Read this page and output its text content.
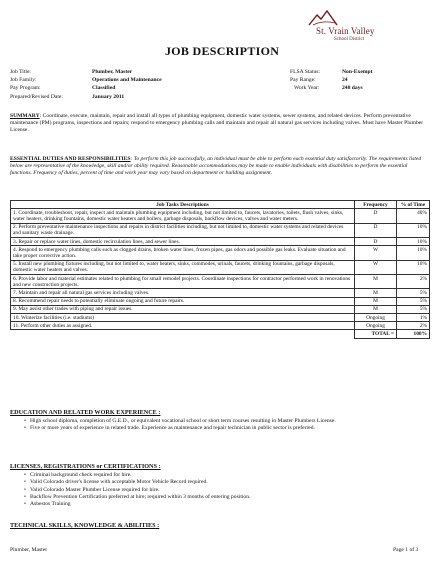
St. Vrain Valley
School District
JOB DESCRIPTION
Job Title:	Plumber, Master
Job Family:	Operations and Maintenance
Pay Program:	Classified
Prepared/Revised Date:	January 2011
FLSA Status:	Non-Exempt
Pay Range:	24
Work Year:	248 days
SUMMARY: Coordinate, execute, maintain, repair and install all types of plumbing equipment, domestic water systems, sewer systems, and related devices. Perform preventative maintenance (PM) programs, inspections and repairs; respond to emergency plumbing calls and maintain and repair all natural gas services including valves. Must have Master Plumber License.
ESSENTIAL DUTIES AND RESPONSIBILITIES: To perform this job successfully, an individual must be able to perform each essential duty satisfactorily. The requirements listed below are representative of the knowledge, skill and/or ability required. Reasonable accommodations may be made to enable individuals with disabilities to perform the essential functions. Frequency of duties, percent of time and work year may vary based on department or building assignment.
Job Tasks Descriptions	Frequency	% of Time
1. Coordinate, troubleshoot, repair, inspect and maintain plumbing equipment including, but not limited to, faucets, lavatories, toilets, flush valves, sinks, water heaters, drinking fountains, domestic water heaters and boilers, garbage disposals, backflow devices, valves and water meters.	D	40%
2. Perform preventative maintenance inspections and repairs in district facilities including, but not limited to, domestic water systems and related devices and sanitary waste drainage.	D	10%
3. Repair or replace water lines, domestic recirculation lines, and sewer lines.	D	10%
4. Respond to emergency plumbing calls such as clogged drains, broken water lines, frozen pipes, gas odors and possible gas leaks. Evaluate situation and take proper corrective action.	W	10%
5. Install new plumbing fixtures including, but not limited to, water heaters, sinks, commodes, urinals, faucets, drinking fountains, garbage disposals, domestic water heaters and valves.	W	10%
6. Provide labor and material estimates related to plumbing for small remodel projects. Coordinate inspections for contractor performed work in renovations and new construction projects.	M	2%
7. Maintain and repair all natural gas services including valves.	M	5%
8. Recommend repair needs to potentially eliminate ongoing and future repairs.	M	5%
9. May assist other trades with piping and repair issues.	M	5%
10. Winterize facilities (i.e. stadiums)	Ongoing	1%
11. Perform other duties as assigned.	Ongoing	2%
	TOTAL =	100%
EDUCATION AND RELATED WORK EXPERIENCE :
• High school diploma, completion of G.E.D., or equivalent vocational school or short term courses resulting in Master Plumbers License.
• Five or more years of experience in related trade. Experience as maintenance and repair technician in public sector is preferred.
LICENSES, REGISTRATIONS or CERTIFICATIONS :
• Criminal background check required for hire.
• Valid Colorado driver's license with acceptable Motor Vehicle Record required.
• Valid Colorado Master Plumber License required for hire.
• Backflow Prevention Certification preferred at hire; required within 3 months of entering position.
• Asbestos Training
TECHNICAL SKILLS, KNOWLEDGE & ABILITIES :
Plumber, Master	Page 1 of 3
